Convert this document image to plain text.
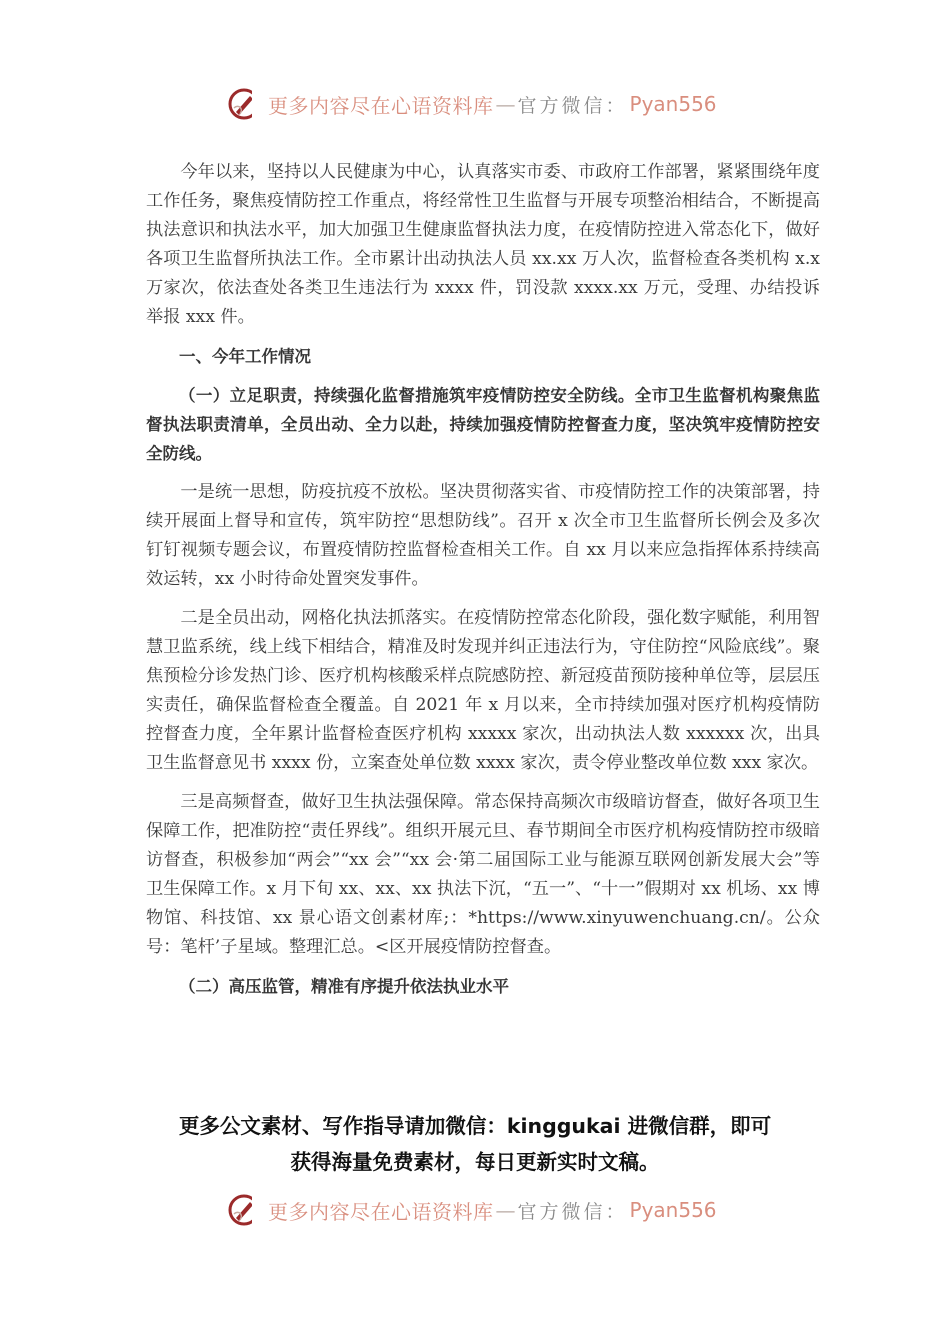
更多内容尽在心语资料库 — 官方微信： Pyan556

今年以来，坚持以人民健康为中心，认真落实市委、市政府工作部署，紧紧围绕年度工作任务，聚焦疫情防控工作重点，将经常性卫生监督与开展专项整治相结合，不断提高执法意识和执法水平，加大加强卫生健康监督执法力度，在疫情防控进入常态化下，做好各项卫生监督所执法工作。全市累计出动执法人员 xx.xx 万人次，监督检查各类机构 x.x 万家次，依法查处各类卫生违法行为 xxxx 件，罚没款 xxxx.xx 万元，受理、办结投诉举报 xxx 件。

一、今年工作情况

（一）立足职责，持续强化监督措施筑牢疫情防控安全防线。全市卫生监督机构聚焦监督执法职责清单，全员出动、全力以赴，持续加强疫情防控督查力度，坚决筑牢疫情防控安全防线。

一是统一思想，防疫抗疫不放松。坚决贯彻落实省、市疫情防控工作的决策部署，持续开展面上督导和宣传，筑牢防控“思想防线”。召开 x 次全市卫生监督所长例会及多次钉钉视频专题会议，布置疫情防控监督检查相关工作。自 xx 月以来应急指挥体系持续高效运转，xx 小时待命处置突发事件。

二是全员出动，网格化执法抓落实。在疫情防控常态化阶段，强化数字赋能，利用智慧卫监系统，线上线下相结合，精准及时发现并纠正违法行为，守住防控“风险底线”。聚焦预检分诊发热门诊、医疗机构核酸采样点院感防控、新冠疫苗预防接种单位等，层层压实责任，确保监督检查全覆盖。自 2021 年 x 月以来，全市持续加强对医疗机构疫情防控督查力度，全年累计监督检查医疗机构 xxxxx 家次，出动执法人数 xxxxxx 次，出具卫生监督意见书 xxxx 份，立案查处单位数 xxxx 家次，责令停业整改单位数 xxx 家次。

三是高频督查，做好卫生执法强保障。常态保持高频次市级暗访督查，做好各项卫生保障工作，把准防控“责任界线”。组织开展元旦、春节期间全市医疗机构疫情防控市级暗访督查，积极参加“两会”“xx 会”“xx 会·第二届国际工业与能源互联网创新发展大会”等卫生保障工作。x 月下旬 xx、xx、xx 执法下沉，“五一”、“十一”假期对 xx 机场、xx 博物馆、科技馆、xx 景心语文创素材库;：*https://www.xinyuwenchuang.cn/。公众号：笔杆’子星域。整理汇总。<区开展疫情防控督查。

（二）高压监管，精准有序提升依法执业水平

更多公文素材、写作指导请加微信：kinggukai 进微信群，即可
获得海量免费素材，每日更新实时文稿。
更多内容尽在心语资料库 — 官方微信： Pyan556
